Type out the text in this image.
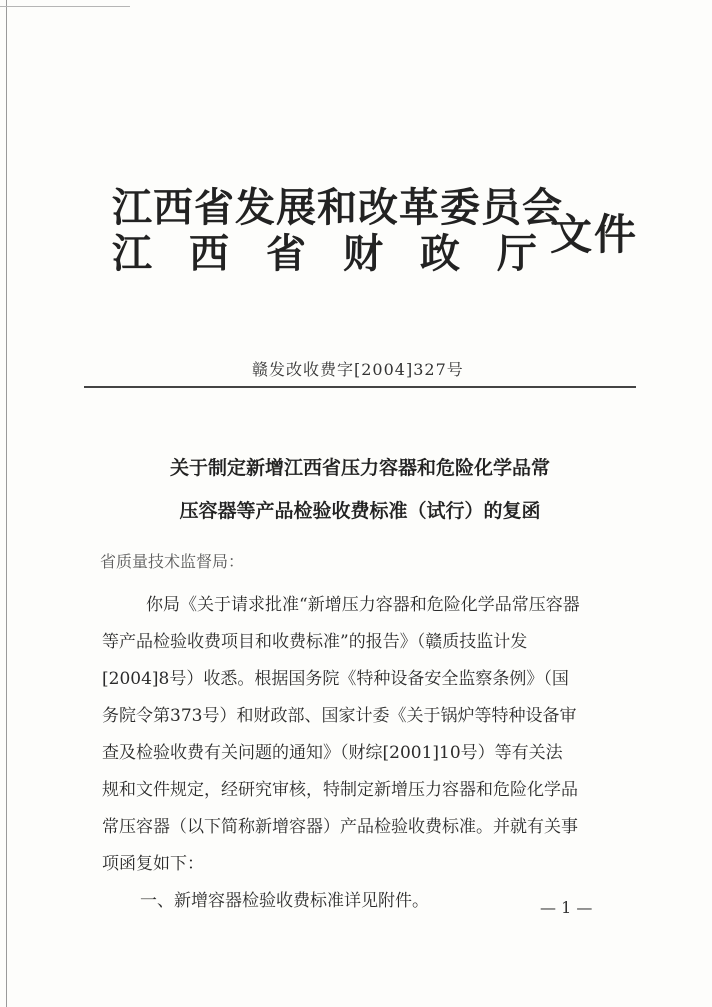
江西省发展和改革委员会
江西省财政厅
文件
赣发改收费字[2004]327号
关于制定新增江西省压力容器和危险化学品常
压容器等产品检验收费标准（试行）的复函
省质量技术监督局：
你局《关于请求批准“新增压力容器和危险化学品常压容器
等产品检验收费项目和收费标准”的报告》（赣质技监计发
[2004]8号）收悉。根据国务院《特种设备安全监察条例》（国
务院令第373号）和财政部、国家计委《关于锅炉等特种设备审
查及检验收费有关问题的通知》（财综[2001]10号）等有关法
规和文件规定，经研究审核，特制定新增压力容器和危险化学品
常压容器（以下简称新增容器）产品检验收费标准。并就有关事
项函复如下：
一、新增容器检验收费标准详见附件。	— 1 —
